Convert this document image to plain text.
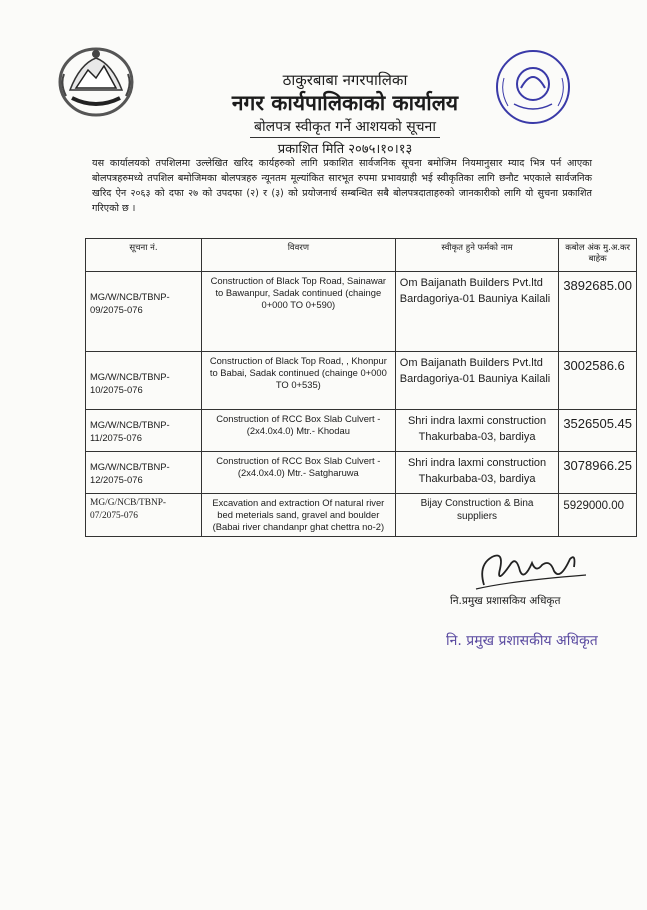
ठाकुरबाबा नगरपालिका
नगर कार्यपालिकाको कार्यालय
बोलपत्र स्वीकृत गर्ने आशयको सूचना
प्रकाशित मिति २०७५।१०।१३

यस कार्यालयको तपशिलमा उल्लेखित खरिद कार्यहरुको लागि प्रकाशित सार्वजनिक सूचना बमोजिम नियमानुसार म्याद भित्र पर्न आएका बोलपत्रहरुमध्ये तपशिल बमोजिमका बोलपत्रहरु न्यूनतम मूल्यांकित सारभूत रुपमा प्रभावग्राही भई स्वीकृतिका लागि छनौट भएकाले सार्वजनिक खरिद ऐन २०६३ को दफा २७ को उपदफा (२) र (३) को प्रयोजनार्थ सम्बन्धित सबै बोलपत्रदाताहरुको जानकारीको लागि यो सुचना प्रकाशित गरिएको छ ।

सूचना नं.	विवरण	स्वीकृत हुने फर्मको नाम	कबोल अंक मु.अ.कर बाहेक
MG/W/NCB/TBNP-09/2075-076	Construction of Black Top Road, Sainawar to Bawanpur, Sadak continued (chainge 0+000 TO 0+590)	Om Baijanath Builders Pvt.ltd Bardagoriya-01 Bauniya Kailali	3892685.00
MG/W/NCB/TBNP-10/2075-076	Construction of Black Top Road, , Khonpur to Babai, Sadak continued (chainge 0+000 TO 0+535)	Om Baijanath Builders Pvt.ltd Bardagoriya-01 Bauniya Kailali	3002586.6
MG/W/NCB/TBNP-11/2075-076	Construction of RCC Box Slab Culvert - (2x4.0x4.0) Mtr.- Khodau	Shri indra laxmi construction Thakurbaba-03, bardiya	3526505.45
MG/W/NCB/TBNP-12/2075-076	Construction of RCC Box Slab Culvert - (2x4.0x4.0) Mtr.- Satgharuwa	Shri indra laxmi construction Thakurbaba-03, bardiya	3078966.25
MG/G/NCB/TBNP-07/2075-076	Excavation and extraction Of natural river bed meterials sand, gravel and boulder (Babai river chandanpr ghat chettra no-2)	Bijay Construction & Bina suppliers	5929000.00
नि.प्रमुख प्रशासकिय अधिकृत
नि. प्रमुख प्रशासकीय अधिकृत
